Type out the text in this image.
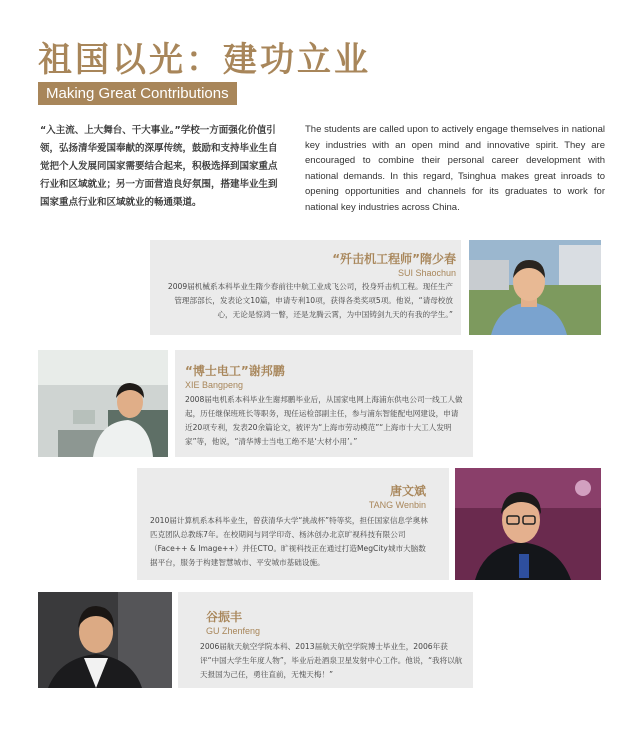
祖国以光：建功立业
Making Great Contributions
“入主流、上大舞台、干大事业。”学校一方面强化价值引领，弘扬清华爱国奉献的深厚传统，鼓励和支持毕业生自觉把个人发展同国家需要结合起来，积极选择到国家重点行业和区域就业；另一方面营造良好氛围，搭建毕业生到国家重点行业和区域就业的畅通渠道。
The students are called upon to actively engage themselves in national key industries with an open mind and innovative spirit. They are encouraged to combine their personal career development with national demands. In this regard, Tsinghua makes great inroads to opening opportunities and channels for its graduates to work for national key industries across China.
“歼击机工程师”隋少春
SUI Shaochun
2009届机械系本科毕业生隋少春前往中航工业成飞公司，投身歼击机工程。现任生产管理部部长，发表论文10篇，申请专利10项，获得各类奖项5项。他说，“请母校放心，无论是惊鸿一瞥，还是龙腾云霄，为中国铸剑九天的有我的学生。”
“博士电工”谢邦鹏
XIE Bangpeng
2008届电机系本科毕业生谢邦鹏毕业后，从国家电网上海浦东供电公司一线工人做起，历任继保班班长等职务，现任运检部副主任，参与浦东智能配电网建设，申请近20项专利，发表20余篇论文，被评为“上海市劳动模范”“上海市十大工人发明家”等，他说，“清华博士当电工绝不是‘大材小用’。”
唐文斌
TANG Wenbin
2010届计算机系本科毕业生，曾获清华大学“挑战杯”特等奖，担任国家信息学奥林匹克团队总教练7年。在校期间与同学印奇、杨沐创办北京旷视科技有限公司（Face++ & Image++）并任CTO。旷视科技正在通过打造MegCity城市大脑数据平台，服务于构建智慧城市、平安城市基础设施。
谷振丰
GU Zhenfeng
2006届航天航空学院本科、2013届航天航空学院博士毕业生，2006年获评“中国大学生年度人物”，毕业后赴酒泉卫星发射中心工作。他说，“我将以航天报国为己任，勇往直前，无愧天梅！”
